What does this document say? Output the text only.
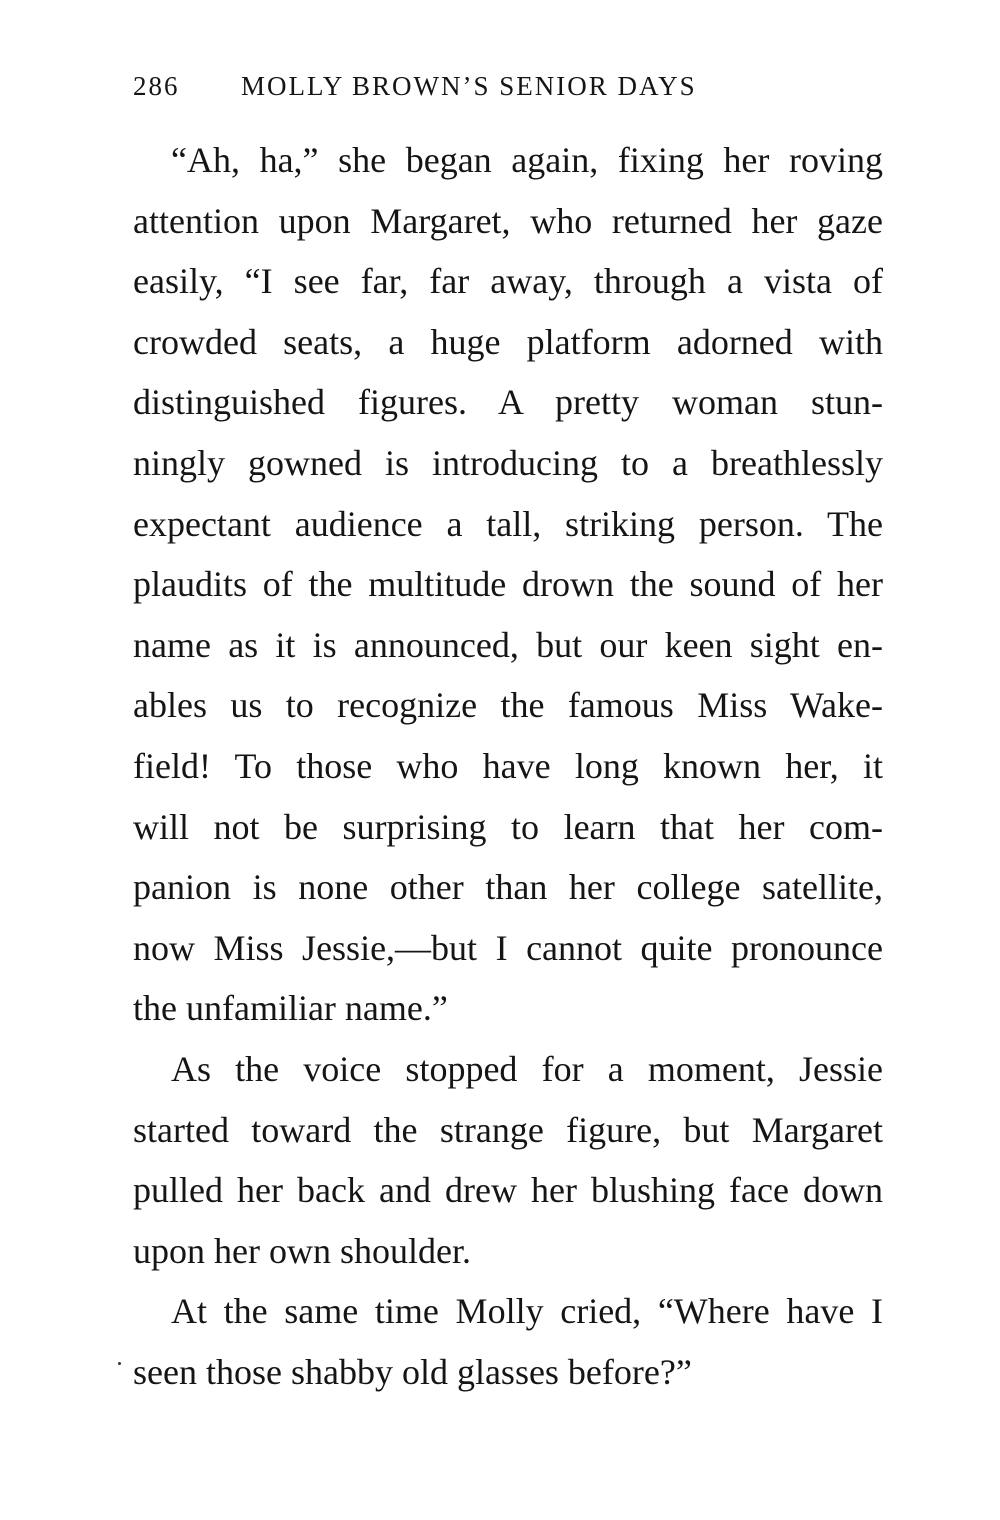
286 MOLLY BROWN’S SENIOR DAYS
“Ah, ha,” she began again, fixing her roving
attention upon Margaret, who returned her gaze
easily, “I see far, far away, through a vista of
crowded seats, a huge platform adorned with
distinguished figures. A pretty woman stun-
ningly gowned is introducing to a breathlessly
expectant audience a tall, striking person. The
plaudits of the multitude drown the sound of her
name as it is announced, but our keen sight en-
ables us to recognize the famous Miss Wake-
field! To those who have long known her, it
will not be surprising to learn that her com-
panion is none other than her college satellite,
now Miss Jessie,—but I cannot quite pronounce
the unfamiliar name.”
As the voice stopped for a moment, Jessie
started toward the strange figure, but Margaret
pulled her back and drew her blushing face down
upon her own shoulder.
At the same time Molly cried, “Where have I
seen those shabby old glasses before?”
